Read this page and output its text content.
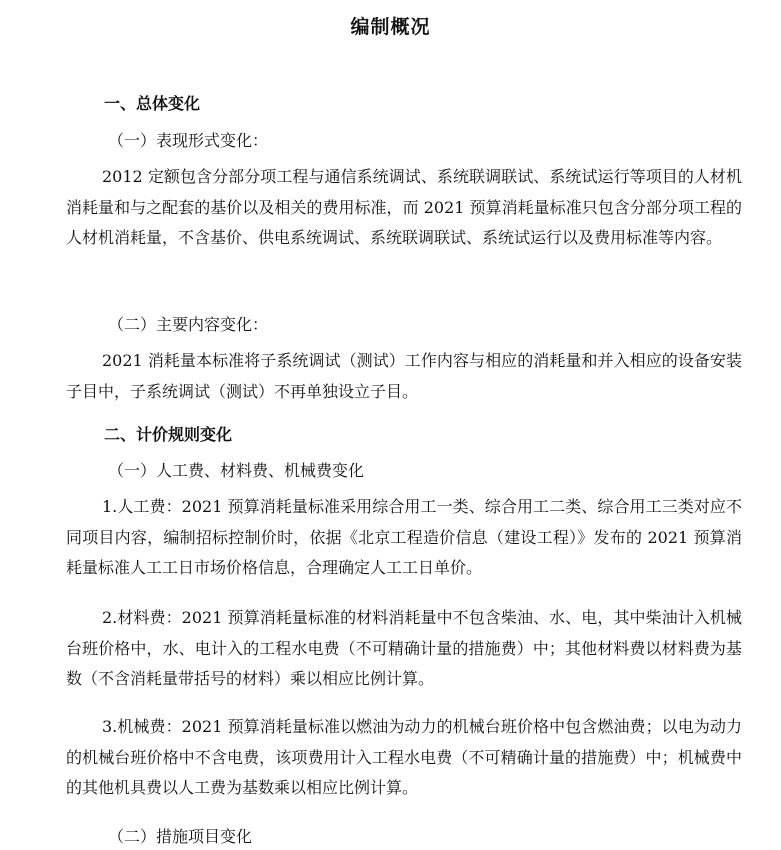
编制概况
一、总体变化
（一）表现形式变化：

2012 定额包含分部分项工程与通信系统调试、系统联调联试、系统试运行等项目的人材机消耗量和与之配套的基价以及相关的费用标准，而 2021 预算消耗量标准只包含分部分项工程的人材机消耗量，不含基价、供电系统调试、系统联调联试、系统试运行以及费用标准等内容。

（二）主要内容变化：

2021 消耗量本标准将子系统调试（测试）工作内容与相应的消耗量和并入相应的设备安装子目中，子系统调试（测试）不再单独设立子目。

二、计价规则变化
（一）人工费、材料费、机械费变化

1.人工费：2021 预算消耗量标准采用综合用工一类、综合用工二类、综合用工三类对应不同项目内容，编制招标控制价时，依据《北京工程造价信息（建设工程）》发布的 2021 预算消耗量标准人工工日市场价格信息，合理确定人工工日单价。

2.材料费：2021 预算消耗量标准的材料消耗量中不包含柴油、水、电，其中柴油计入机械台班价格中，水、电计入的工程水电费（不可精确计量的措施费）中；其他材料费以材料费为基数（不含消耗量带括号的材料）乘以相应比例计算。

3.机械费：2021 预算消耗量标准以燃油为动力的机械台班价格中包含燃油费；以电为动力的机械台班价格中不含电费，该项费用计入工程水电费（不可精确计量的措施费）中；机械费中的其他机具费以人工费为基数乘以相应比例计算。

（二）措施项目变化
